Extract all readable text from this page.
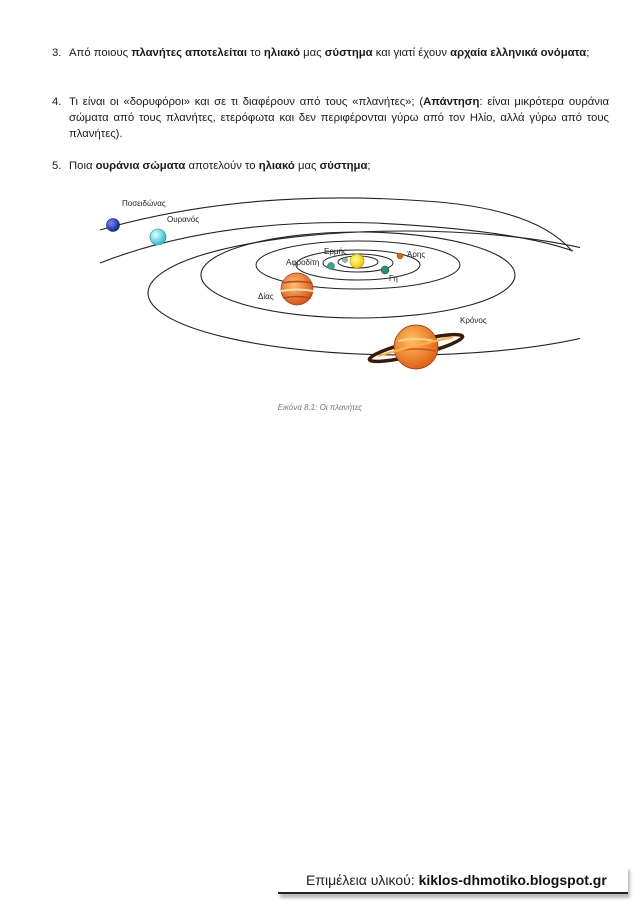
3. Από ποιους πλανήτες αποτελείται το ηλιακό μας σύστημα και γιατί έχουν αρχαία ελληνικά ονόματα;
4. Τι είναι οι «δορυφόροι» και σε τι διαφέρουν από τους «πλανήτες»; (Απάντηση: είναι μικρότερα ουράνια σώματα από τους πλανήτες, ετερόφωτα και δεν περιφέρονται γύρω από τον Ηλίο, αλλά γύρω από τους πλανήτες).
5. Ποια ουράνια σώματα αποτελούν το ηλιακό μας σύστημα;
Ποσειδώνας
Ουρανός
Ερμής	Άρης
Αφροδίτη
Γη
Δίας
Κρόνος
Εικόνα 8.1: Οι πλανήτες
Επιμέλεια υλικού: kiklos-dhmotiko.blogspot.gr
